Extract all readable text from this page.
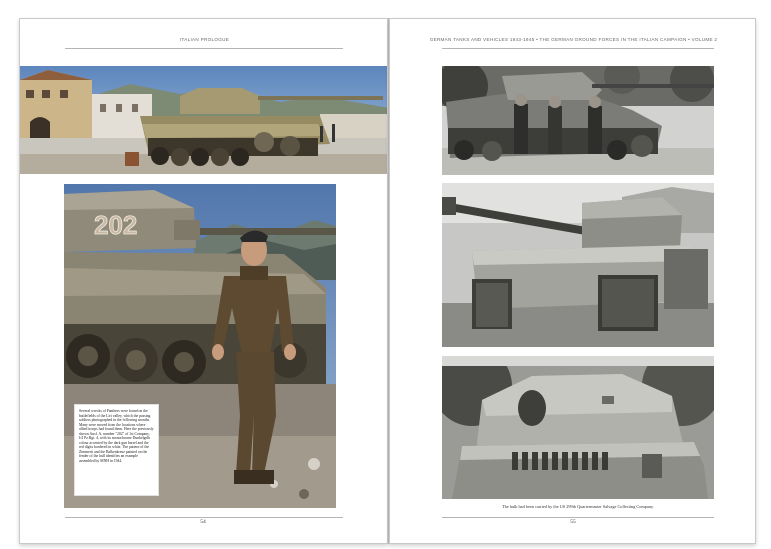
ITALIAN PROLOGUE
202

Several wrecks of Panthers were found on the battlefields of the Liri valley, which the passing soldiers photographed in the following months. Many were moved from the locations where allied troops had found them. Here the previously shown Ausf. A, number "202" of 1st Company, I/4 Pz.Rgt. 4, with its monochrome Dunkelgelb colour accented by the dark gun barrel and the red digits bordered in white. The pattern of the Zimmerit and the Balkenkreuz painted on the fender of the hull identifies an example assembled by MNH in 1944.

54
GERMAN TANKS AND VEHICLES 1943-1945 • THE GERMAN GROUND FORCES IN THE ITALIAN CAMPAIGN • VOLUME 2
The hulk had been carried by the US 299th Quartermaster Salvage Collecting Company.
55
